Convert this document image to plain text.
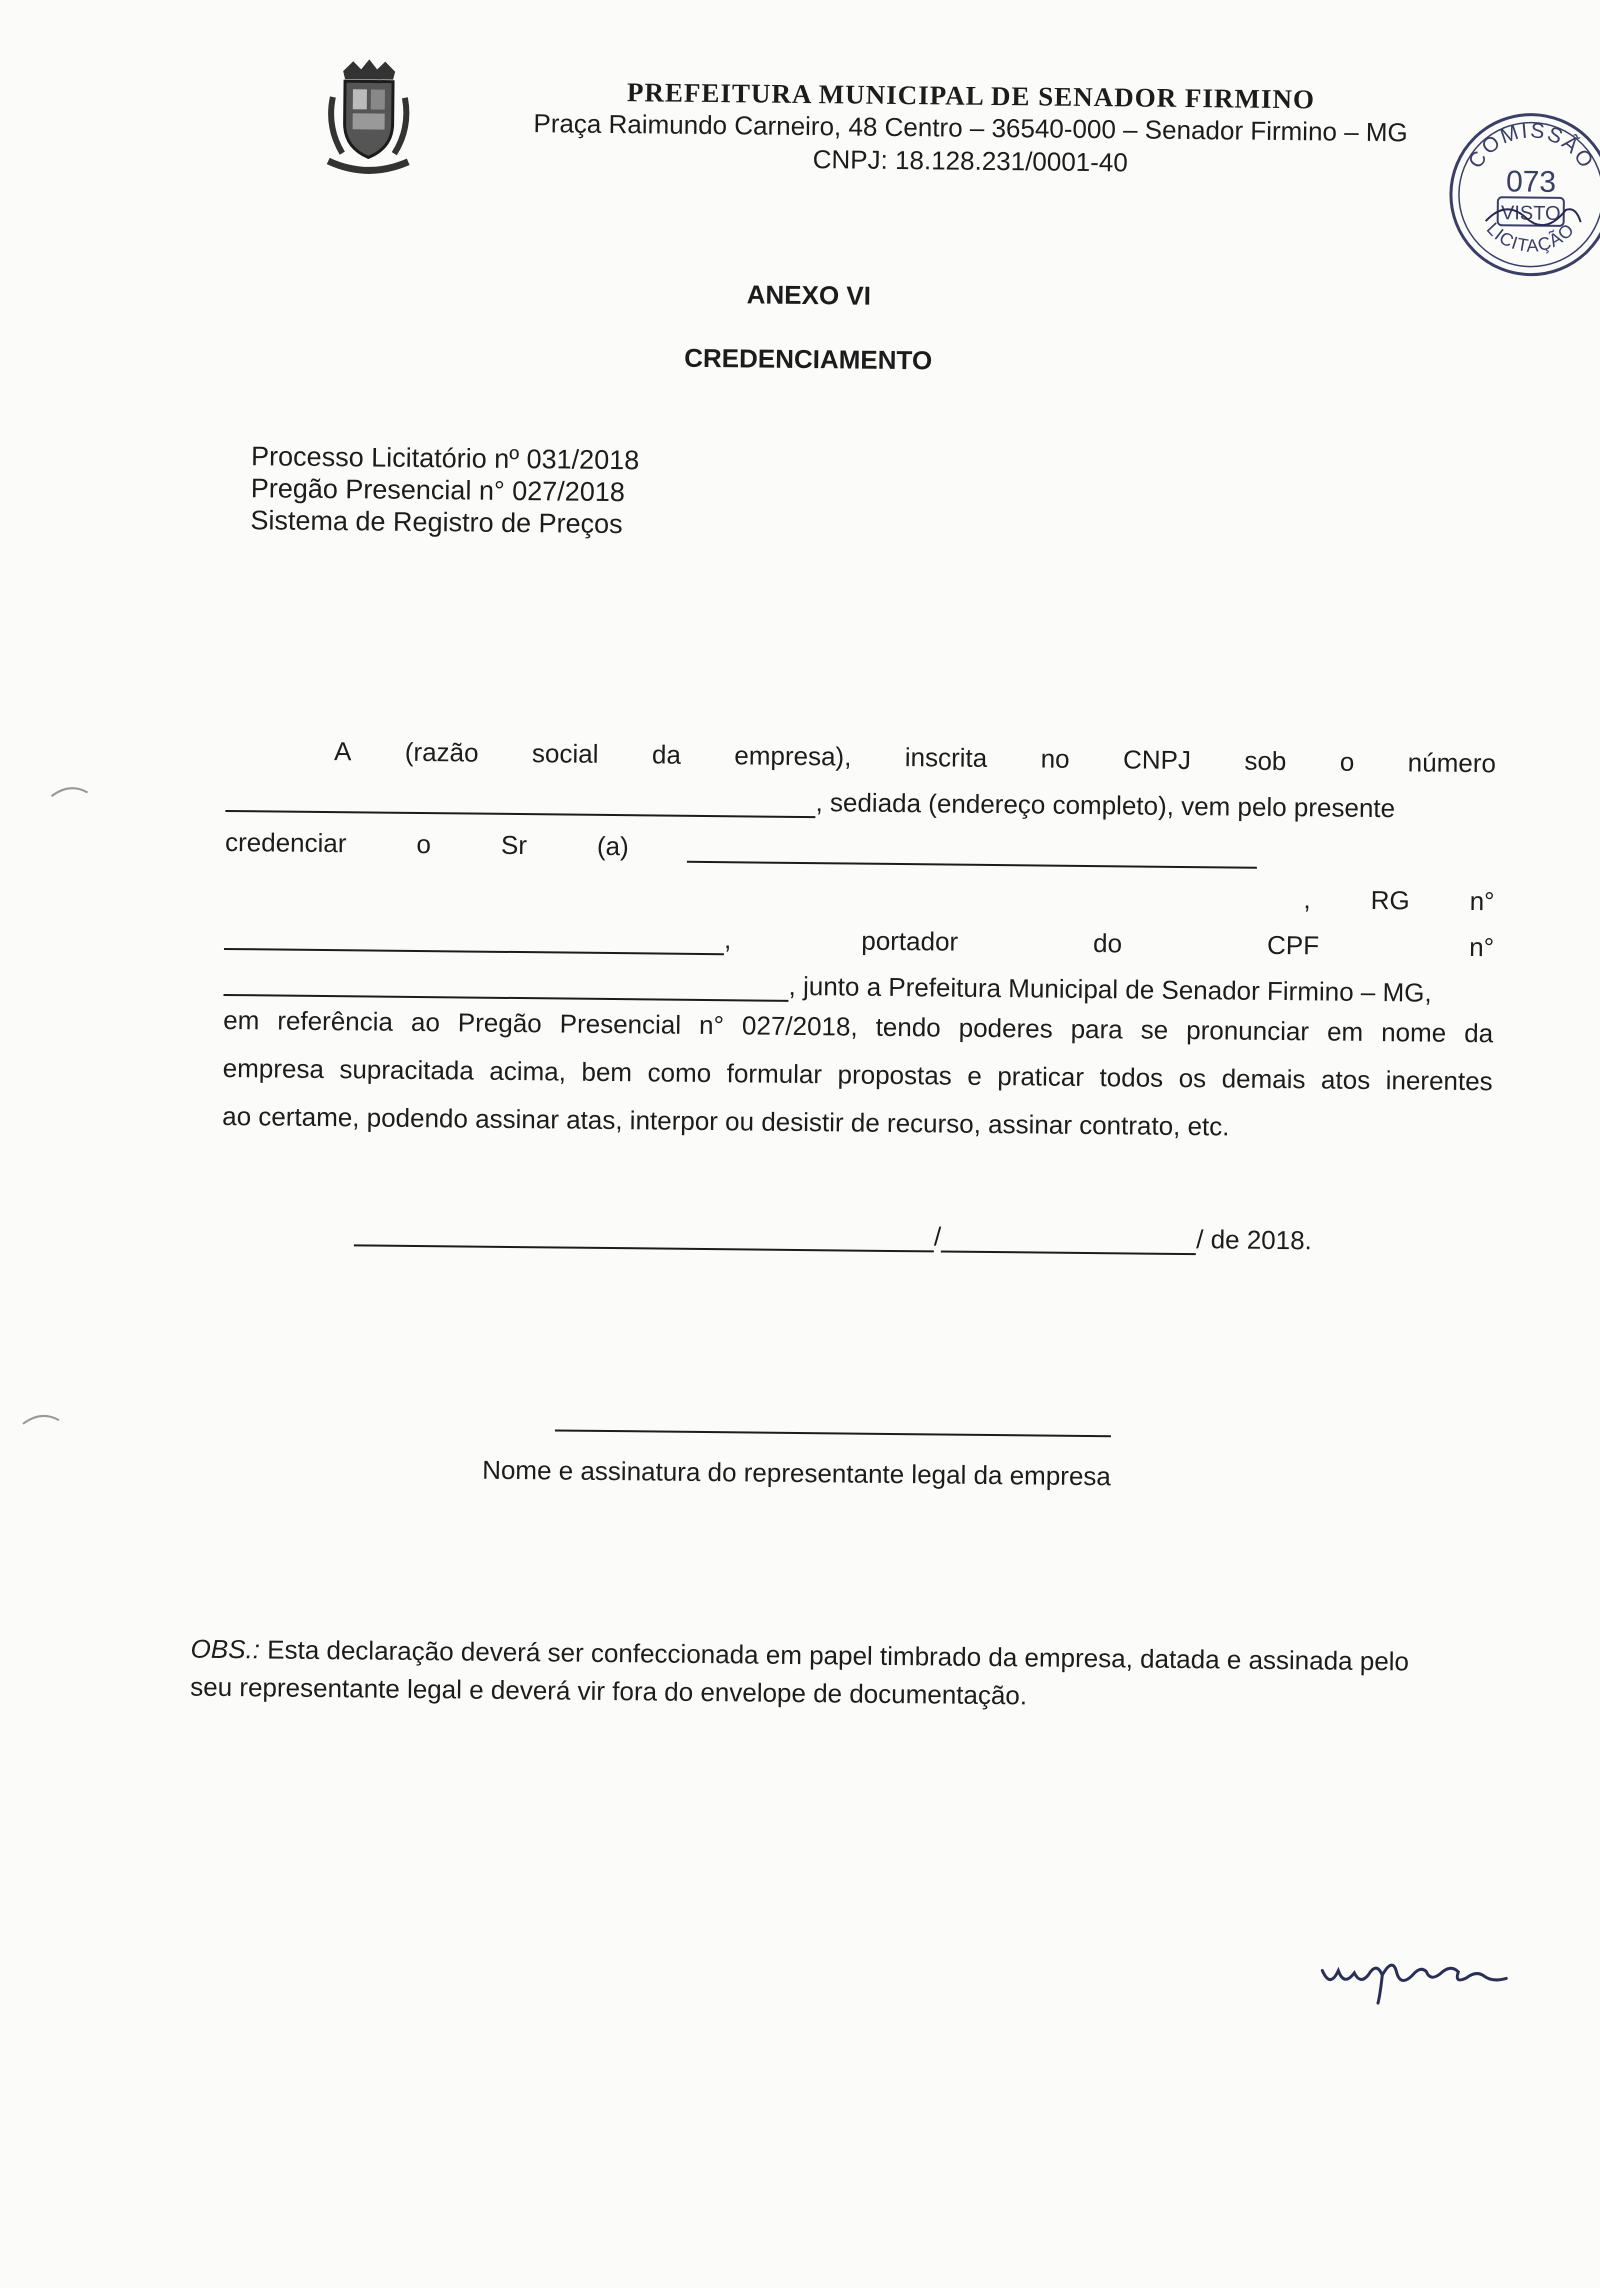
PREFEITURA MUNICIPAL DE SENADOR FIRMINO
Praça Raimundo Carneiro, 48 Centro – 36540-000 – Senador Firmino – MG
CNPJ: 18.128.231/0001-40	COMISSÃO
LICITAÇÃO
073
VISTO
ANEXO VI
CREDENCIAMENTO
Processo Licitatório nº 031/2018
Pregão Presencial n° 027/2018
Sistema de Registro de Preços
A (razão social da empresa), inscrita no CNPJ sob o número
, sediada (endereço completo), vem pelo presente
credenciar	o	Sr	(a)
, RG n°
,	portador	do	CPF	n°
, junto a Prefeitura Municipal de Senador Firmino – MG,
em referência ao Pregão Presencial n° 027/2018, tendo poderes para se pronunciar em nome da
empresa supracitada acima, bem como formular propostas e praticar todos os demais atos inerentes
ao certame, podendo assinar atas, interpor ou desistir de recurso, assinar contrato, etc.
/	/ de 2018.
Nome e assinatura do representante legal da empresa
OBS.: Esta declaração deverá ser confeccionada em papel timbrado da empresa, datada e assinada pelo seu representante legal e deverá vir fora do envelope de documentação.
